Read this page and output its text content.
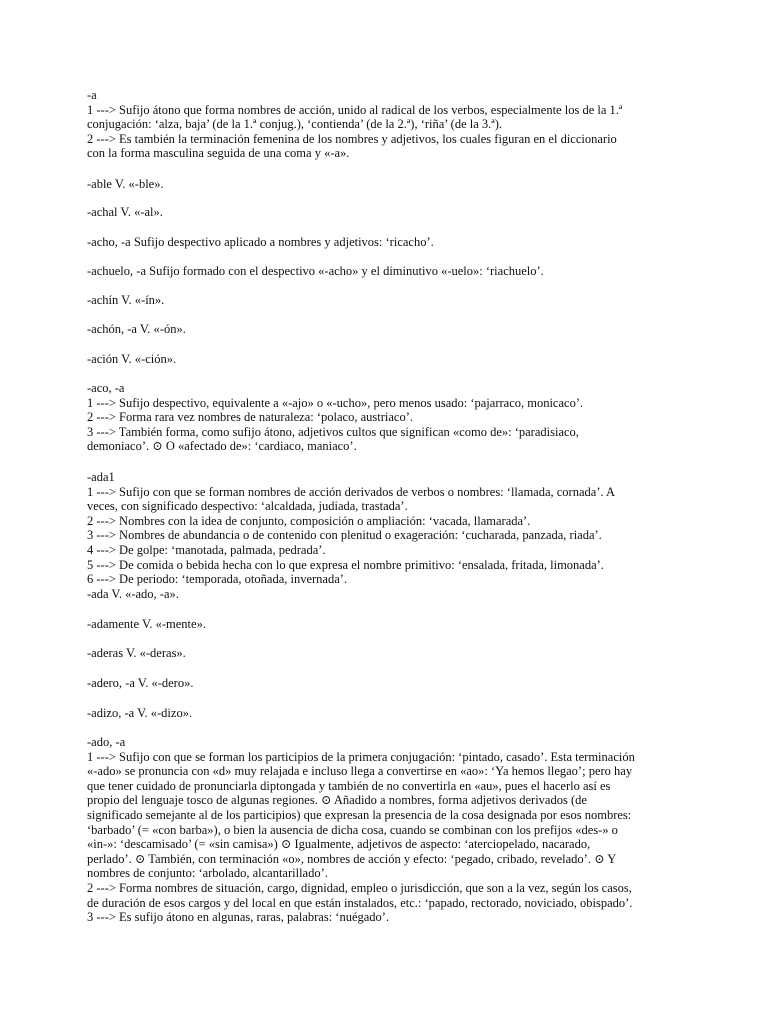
-a
1 ---> Sufijo átono que forma nombres de acción, unido al radical de los verbos, especialmente los de la 1.ª
conjugación: ‘alza, baja’ (de la 1.ª conjug.), ‘contienda’ (de la 2.ª), ‘riña’ (de la 3.ª).
2 ---> Es también la terminación femenina de los nombres y adjetivos, los cuales figuran en el diccionario
con la forma masculina seguida de una coma y «-a».
-able V. «-ble».
-achal V. «-al».
-acho, -a Sufijo despectivo aplicado a nombres y adjetivos: ‘ricacho’.
-achuelo, -a Sufijo formado con el despectivo «-acho» y el diminutivo «-uelo»: ‘riachuelo’.
-achín V. «-ín».
-achón, -a V. «-ón».
-ación V. «-ción».
-aco, -a
1 ---> Sufijo despectivo, equivalente a «-ajo» o «-ucho», pero menos usado: ‘pajarraco, monicaco’.
2 ---> Forma rara vez nombres de naturaleza: ‘polaco, austriaco’.
3 ---> También forma, como sufijo átono, adjetivos cultos que significan «como de»: ‘paradisiaco,
demoniaco’. ⊙ O «afectado de»: ‘cardiaco, maniaco’.
-ada1
1 ---> Sufijo con que se forman nombres de acción derivados de verbos o nombres: ‘llamada, cornada’. A
veces, con significado despectivo: ‘alcaldada, judiada, trastada’.
2 ---> Nombres con la idea de conjunto, composición o ampliación: ‘vacada, llamarada’.
3 ---> Nombres de abundancia o de contenido con plenitud o exageración: ‘cucharada, panzada, riada’.
4 ---> De golpe: ‘manotada, palmada, pedrada’.
5 ---> De comida o bebida hecha con lo que expresa el nombre primitivo: ‘ensalada, fritada, limonada’.
6 ---> De periodo: ‘temporada, otoñada, invernada’.
-ada V. «-ado, -a».
-adamente V. «-mente».
-aderas V. «-deras».
-adero, -a V. «-dero».
-adizo, -a V. «-dizo».
-ado, -a
1 ---> Sufijo con que se forman los participios de la primera conjugación: ‘pintado, casado’. Esta terminación
«-ado» se pronuncia con «d» muy relajada e incluso llega a convertirse en «ao»: ‘Ya hemos llegao’; pero hay
que tener cuidado de pronunciarla diptongada y también de no convertirla en «au», pues el hacerlo así es
propio del lenguaje tosco de algunas regiones. ⊙ Añadido a nombres, forma adjetivos derivados (de
significado semejante al de los participios) que expresan la presencia de la cosa designada por esos nombres:
‘barbado’ (= «con barba»), o bien la ausencia de dicha cosa, cuando se combinan con los prefijos «des-» o
«in-»: ‘descamisado’ (= «sin camisa») ⊙ Igualmente, adjetivos de aspecto: ‘aterciopelado, nacarado,
perlado’. ⊙ También, con terminación «o», nombres de acción y efecto: ‘pegado, cribado, revelado’. ⊙ Y
nombres de conjunto: ‘arbolado, alcantarillado’.
2 ---> Forma nombres de situación, cargo, dignidad, empleo o jurisdicción, que son a la vez, según los casos,
de duración de esos cargos y del local en que están instalados, etc.: ‘papado, rectorado, noviciado, obispado’.
3 ---> Es sufijo átono en algunas, raras, palabras: ‘nuégado’.
